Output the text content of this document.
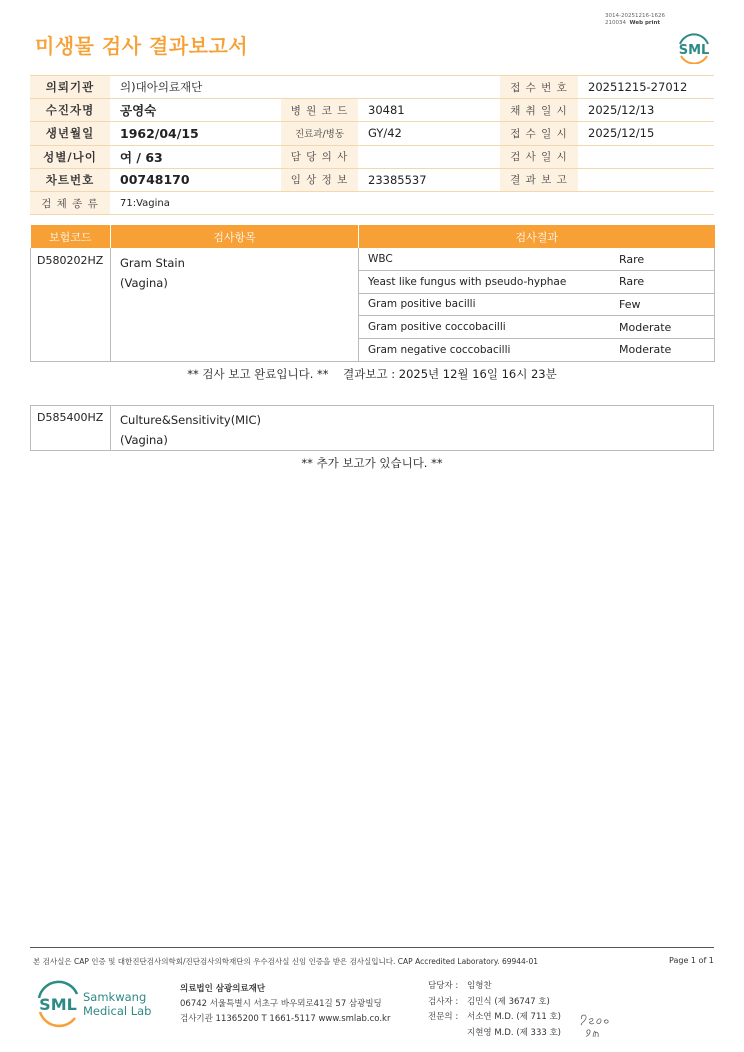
3014-20251216-1626
210034 Web print
미생물 검사 결과보고서	SML
의뢰기관	의)대아의료재단			접 수 번 호	20251215-27012
수진자명	공영숙	병 원 코 드	30481	채 취 일 시	2025/12/13
생년월일	1962/04/15	진료과/병동	GY/42	접 수 일 시	2025/12/15
성별/나이	여 / 63	담 당 의 사		검 사 일 시	
차트번호	00748170	임 상 정 보	23385537	결 과 보 고	
검 체 종 류	71:Vagina				
보험코드	검사항목	검사결과
D580202HZ	Gram Stain
(Vagina)

WBC	Rare
Yeast like fungus with pseudo-hyphae	Rare
Gram positive bacilli	Few
Gram positive coccobacilli	Moderate
Gram negative coccobacilli	Moderate
** 검사 보고 완료입니다. ** 결과보고 : 2025년 12월 16일 16시 23분
D585400HZ	Culture&Sensitivity(MIC)
(Vagina)
** 추가 보고가 있습니다. **
본 검사실은 CAP 인증 및 대한진단검사의학회/진단검사의학재단의 우수검사실 신임 인증을 받은 검사실입니다. CAP Accredited Laboratory. 69944-01	Page 1 of 1
SML Samkwang
Medical Lab
의료법인 삼광의료재단
06742 서울특별시 서초구 바우뫼로41길 57 삼광빌딩
검사기관 11365200 T 1661-5117 www.smlab.co.kr
담당자 :	임형찬
검사자 :	김민식 (제 36747 호)
전문의 :	서소연 M.D. (제 711 호)
지현영 M.D. (제 333 호)
